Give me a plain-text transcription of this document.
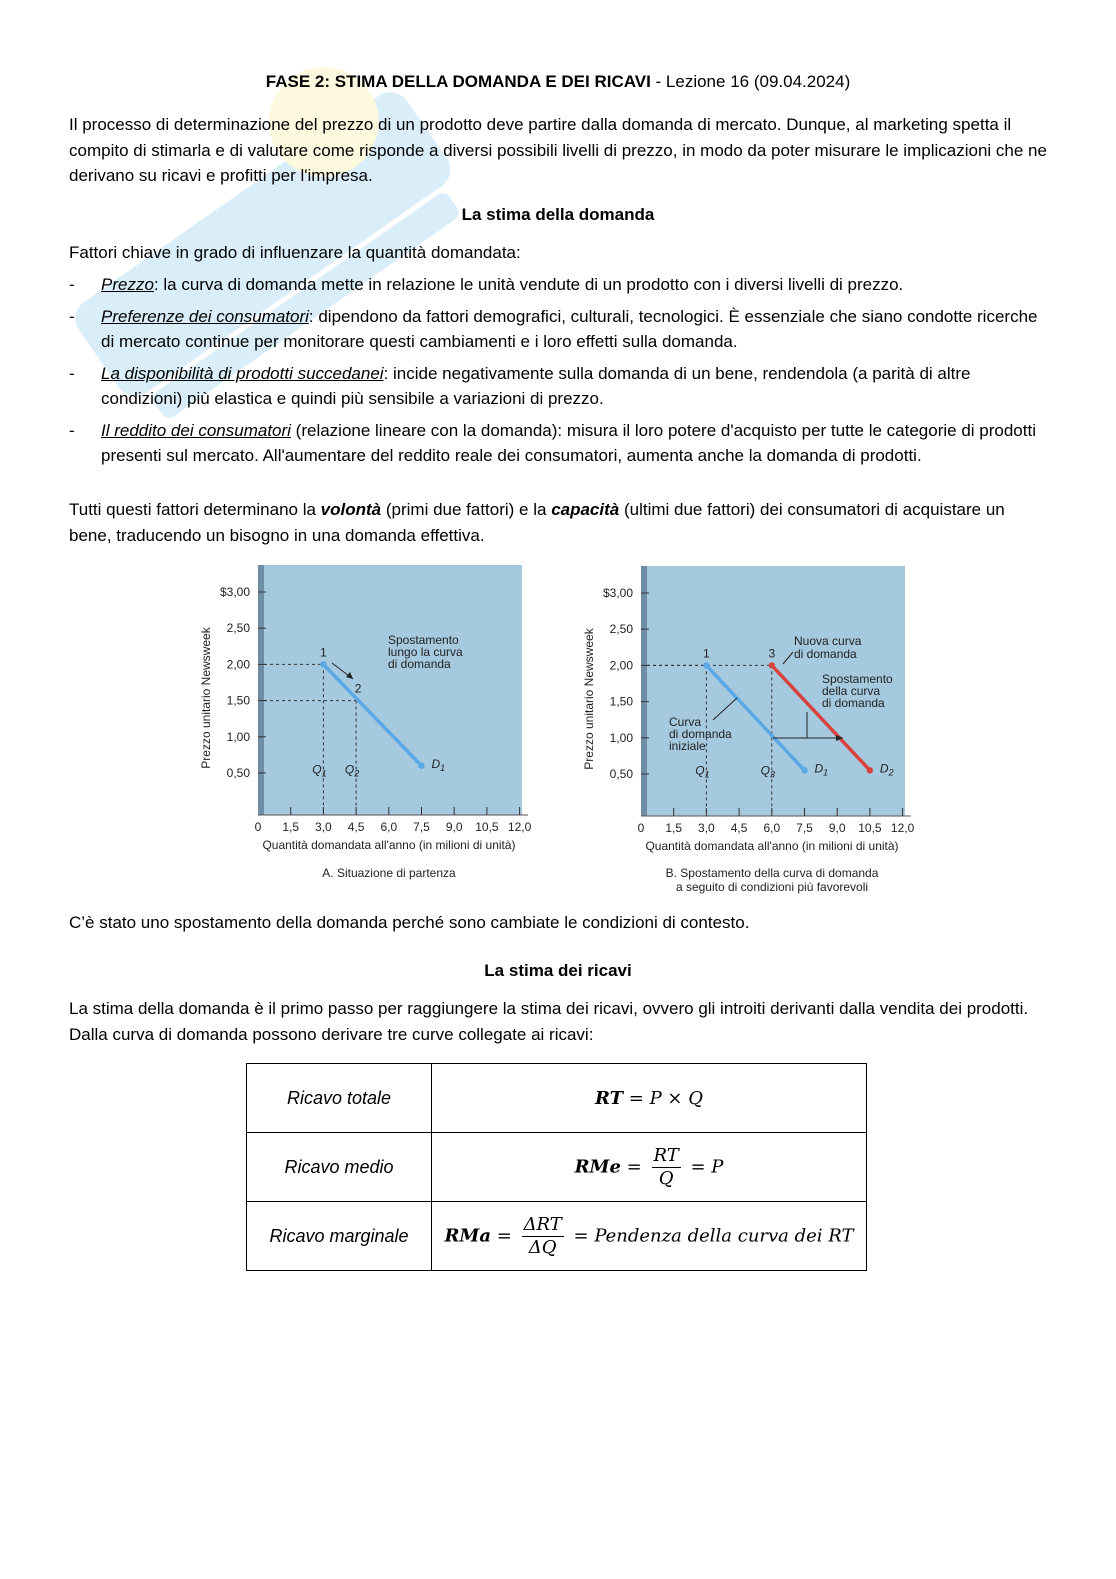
FASE 2: STIMA DELLA DOMANDA E DEI RICAVI - Lezione 16 (09.04.2024)
Il processo di determinazione del prezzo di un prodotto deve partire dalla domanda di mercato. Dunque, al marketing spetta il compito di stimarla e di valutare come risponde a diversi possibili livelli di prezzo, in modo da poter misurare le implicazioni che ne derivano su ricavi e profitti per l'impresa.
La stima della domanda
Fattori chiave in grado di influenzare la quantità domandata:
- Prezzo: la curva di domanda mette in relazione le unità vendute di un prodotto con i diversi livelli di prezzo.
- Preferenze dei consumatori: dipendono da fattori demografici, culturali, tecnologici. È essenziale che siano condotte ricerche di mercato continue per monitorare questi cambiamenti e i loro effetti sulla domanda.
- La disponibilità di prodotti succedanei: incide negativamente sulla domanda di un bene, rendendola (a parità di altre condizioni) più elastica e quindi più sensibile a variazioni di prezzo.
- Il reddito dei consumatori (relazione lineare con la domanda): misura il loro potere d'acquisto per tutte le categorie di prodotti presenti sul mercato. All'aumentare del reddito reale dei consumatori, aumenta anche la domanda di prodotti.
Tutti questi fattori determinano la volontà (primi due fattori) e la capacità (ultimi due fattori) dei consumatori di acquistare un bene, traducendo un bisogno in una domanda effettiva.
Prezzo unitario Newsweek
Quantità domandata all'anno (in milioni di unità)
A. Situazione di partenza
0,50
1,00
1,50
2,00
2,50
$3,00
0 1,5 3,0 4,5 6,0 7,5 9,0 10,5 12,0
$D_1$
1
2
$Q_1$ $Q_2$
Spostamento
lungo la curva
di domanda	Prezzo unitario Newsweek
Quantità domandata all'anno (in milioni di unità)
B. Spostamento della curva di domanda
a seguito di condizioni più favorevoli
0,50
1,00
1,50
2,00
2,50
$3,00
0 1,5 3,0 4,5 6,0 7,5 9,0 10,5 12,0
$D_1$	$D_2$
1	3
$Q_1$	$Q_3$
Nuova curva
di domanda
Spostamento
della curva
di domanda
Curva
di domanda
iniziale
C’è stato uno spostamento della domanda perché sono cambiate le condizioni di contesto.
La stima dei ricavi
La stima della domanda è il primo passo per raggiungere la stima dei ricavi, ovvero gli introiti derivanti dalla vendita dei prodotti. Dalla curva di domanda possono derivare tre curve collegate ai ricavi:
Ricavo totale	RT = P × Q
Ricavo medio	RMe = $\frac{RT}{Q} = P$
Ricavo marginale	RMa = $\frac{\text{ΔRT}}{\Delta Q}$ = Pendenza della curva dei RT
